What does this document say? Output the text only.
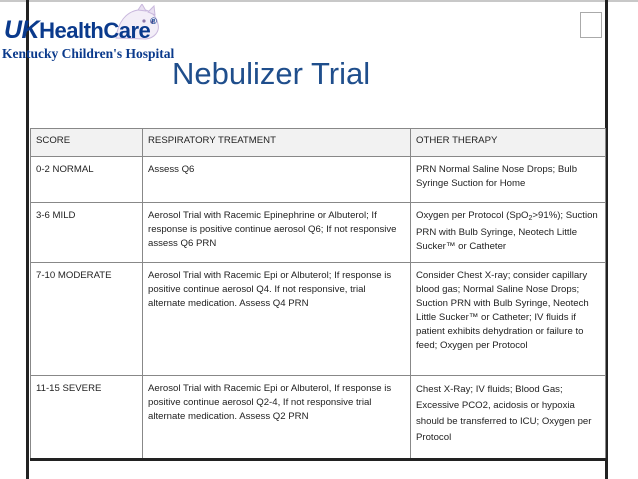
UKHealthCare®
Kentucky Children's Hospital
Nebulizer Trial
SCORE	RESPIRATORY TREATMENT	OTHER THERAPY
0-2 NORMAL	Assess Q6	PRN Normal Saline Nose Drops; Bulb Syringe Suction for Home
3-6 MILD	Aerosol Trial with Racemic Epinephrine or Albuterol; If response is positive continue aerosol Q6; If not responsive assess Q6 PRN	Oxygen per Protocol (SpO$_2$>91%); Suction PRN with Bulb Syringe, Neotech Little Sucker™ or Catheter
7-10 MODERATE	Aerosol Trial with Racemic Epi or Albuterol; If response is positive continue aerosol Q4. If not responsive, trial alternate medication. Assess Q4 PRN	Consider Chest X-ray; consider capillary blood gas; Normal Saline Nose Drops; Suction PRN with Bulb Syringe, Neotech Little Sucker™ or Catheter; IV fluids if patient exhibits dehydration or failure to feed; Oxygen per Protocol
11-15 SEVERE	Aerosol Trial with Racemic Epi or Albuterol, If response is positive continue aerosol Q2-4, If not responsive trial alternate medication. Assess Q2 PRN	Chest X-Ray; IV fluids; Blood Gas; Excessive PCO2, acidosis or hypoxia should be transferred to ICU; Oxygen per Protocol
